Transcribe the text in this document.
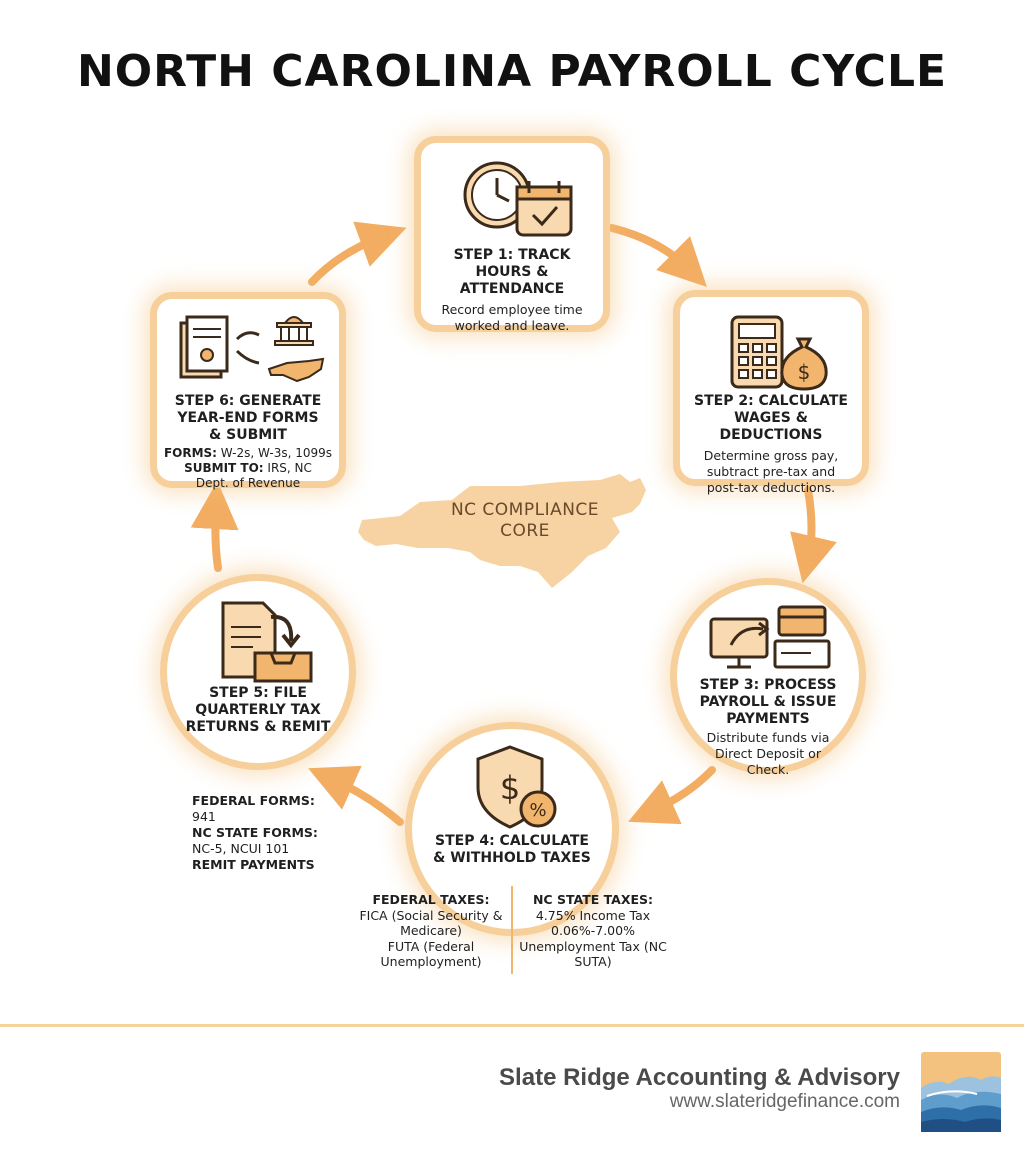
NORTH CAROLINA PAYROLL CYCLE
NC COMPLIANCE CORE
STEP 1: TRACK HOURS & ATTENDANCE
Record employee time worked and leave.
$
STEP 2: CALCULATE WAGES & DEDUCTIONS
Determine gross pay, subtract pre-tax and post-tax deductions.
STEP 3: PROCESS PAYROLL & ISSUE PAYMENTS
Distribute funds via Direct Deposit or Check.
$
%
STEP 4: CALCULATE & WITHHOLD TAXES
FEDERAL TAXES:
FICA (Social Security & Medicare)
FUTA (Federal Unemployment)
NC STATE TAXES:
4.75% Income Tax
0.06%-7.00% Unemployment Tax (NC SUTA)
STEP 5: FILE QUARTERLY TAX RETURNS & REMIT
FEDERAL FORMS:
941
NC STATE FORMS:
NC-5, NCUI 101
REMIT PAYMENTS
STEP 6: GENERATE YEAR-END FORMS & SUBMIT
FORMS: W-2s, W-3s, 1099s
SUBMIT TO: IRS, NC Dept. of Revenue
Slate Ridge Accounting & Advisory
www.slateridgefinance.com
